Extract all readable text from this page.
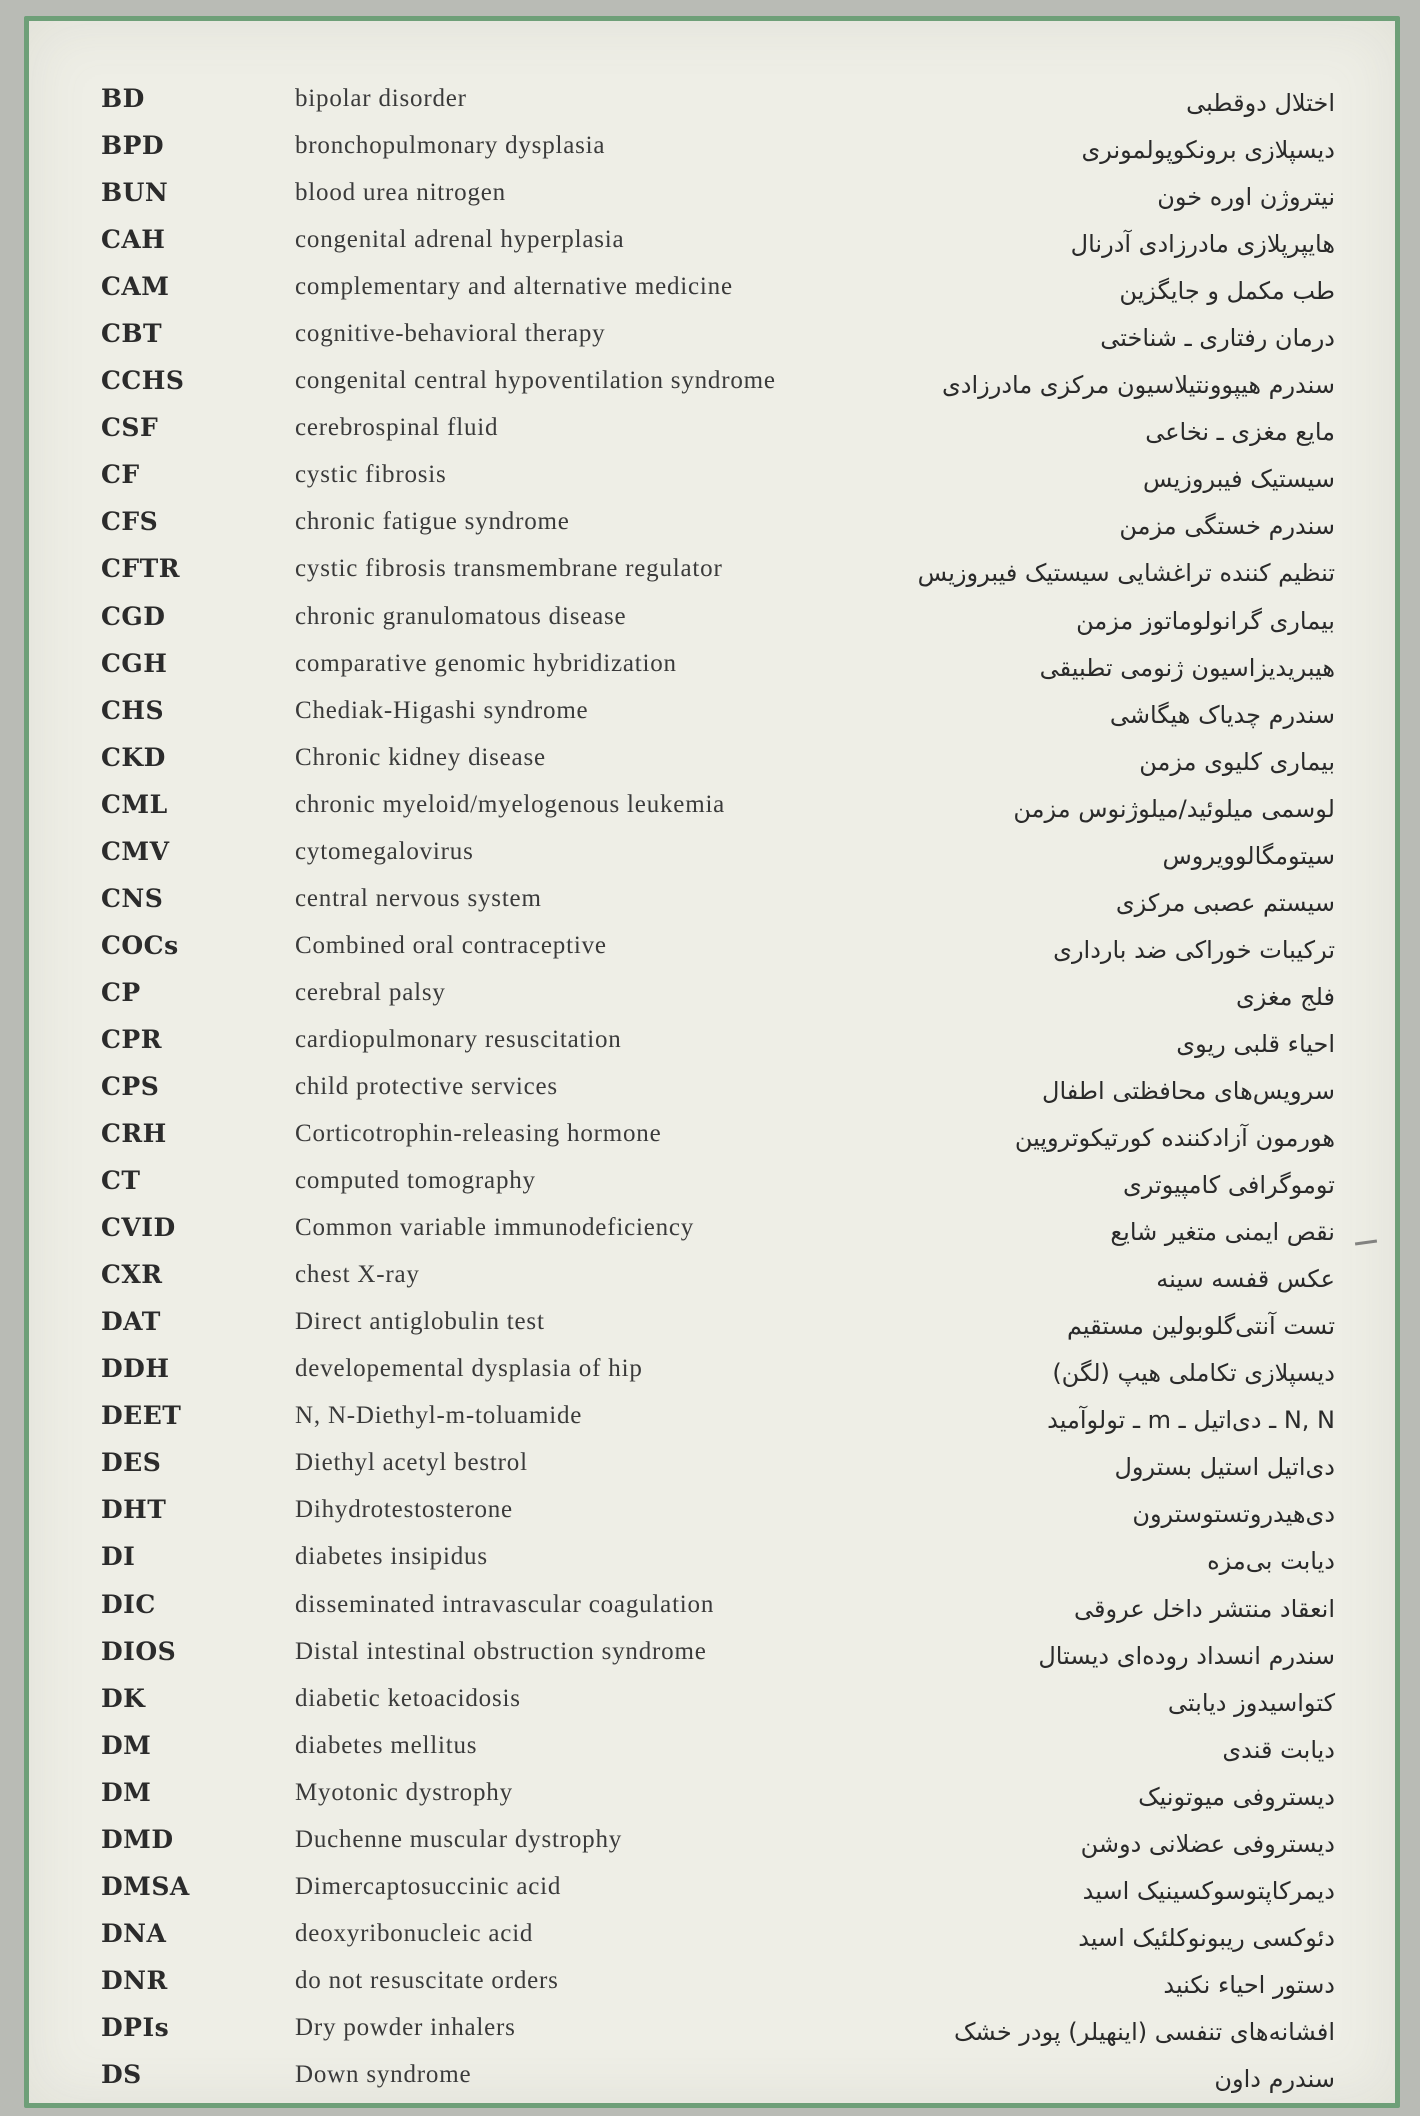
BD	bipolar disorder	اختلال دوقطبی
BPD	bronchopulmonary dysplasia	دیسپلازی برونکوپولمونری
BUN	blood urea nitrogen	نیتروژن اوره خون
CAH	congenital adrenal hyperplasia	هایپرپلازی مادرزادی آدرنال
CAM	complementary and alternative medicine	طب مکمل و جایگزین
CBT	cognitive-behavioral therapy	درمان رفتاری ـ شناختی
CCHS	congenital central hypoventilation syndrome	سندرم هیپوونتیلاسیون مرکزی مادرزادی
CSF	cerebrospinal fluid	مایع مغزی ـ نخاعی
CF	cystic fibrosis	سیستیک فیبروزیس
CFS	chronic fatigue syndrome	سندرم خستگی مزمن
CFTR	cystic fibrosis transmembrane regulator	تنظیم کننده تراغشایی سیستیک فیبروزیس
CGD	chronic granulomatous disease	بیماری گرانولوماتوز مزمن
CGH	comparative genomic hybridization	هیبریدیزاسیون ژنومی تطبیقی
CHS	Chediak-Higashi syndrome	سندرم چدیاک هیگاشی
CKD	Chronic kidney disease	بیماری کلیوی مزمن
CML	chronic myeloid/myelogenous leukemia	لوسمی میلوئید/میلوژنوس مزمن
CMV	cytomegalovirus	سیتومگالوویروس
CNS	central nervous system	سیستم عصبی مرکزی
COCs	Combined oral contraceptive	ترکیبات خوراکی ضد بارداری
CP	cerebral palsy	فلج مغزی
CPR	cardiopulmonary resuscitation	احیاء قلبی ریوی
CPS	child protective services	سرویس‌های محافظتی اطفال
CRH	Corticotrophin-releasing hormone	هورمون آزادکننده کورتیکوتروپین
CT	computed tomography	توموگرافی کامپیوتری
CVID	Common variable immunodeficiency	نقص ایمنی متغیر شایع
CXR	chest X-ray	عکس قفسه سینه
DAT	Direct antiglobulin test	تست آنتی‌گلوبولین مستقیم
DDH	developemental dysplasia of hip	دیسپلازی تکاملی هیپ (لگن)
DEET	N, N-Diethyl-m-toluamide	N, N ـ دی‌اتیل ـ m ـ تولوآمید
DES	Diethyl acetyl bestrol	دی‌اتیل استیل بسترول
DHT	Dihydrotestosterone	دی‌هیدروتستوسترون
DI	diabetes insipidus	دیابت بی‌مزه
DIC	disseminated intravascular coagulation	انعقاد منتشر داخل عروقی
DIOS	Distal intestinal obstruction syndrome	سندرم انسداد روده‌ای دیستال
DK	diabetic ketoacidosis	کتواسیدوز دیابتی
DM	diabetes mellitus	دیابت قندی
DM	Myotonic dystrophy	دیستروفی میوتونیک
DMD	Duchenne muscular dystrophy	دیستروفی عضلانی دوشن
DMSA	Dimercaptosuccinic acid	دیمرکاپتوسوکسینیک اسید
DNA	deoxyribonucleic acid	دئوکسی ریبونوکلئیک اسید
DNR	do not resuscitate orders	دستور احیاء نکنید
DPIs	Dry powder inhalers	افشانه‌های تنفسی (اینهیلر) پودر خشک
DS	Down syndrome	سندرم داون
